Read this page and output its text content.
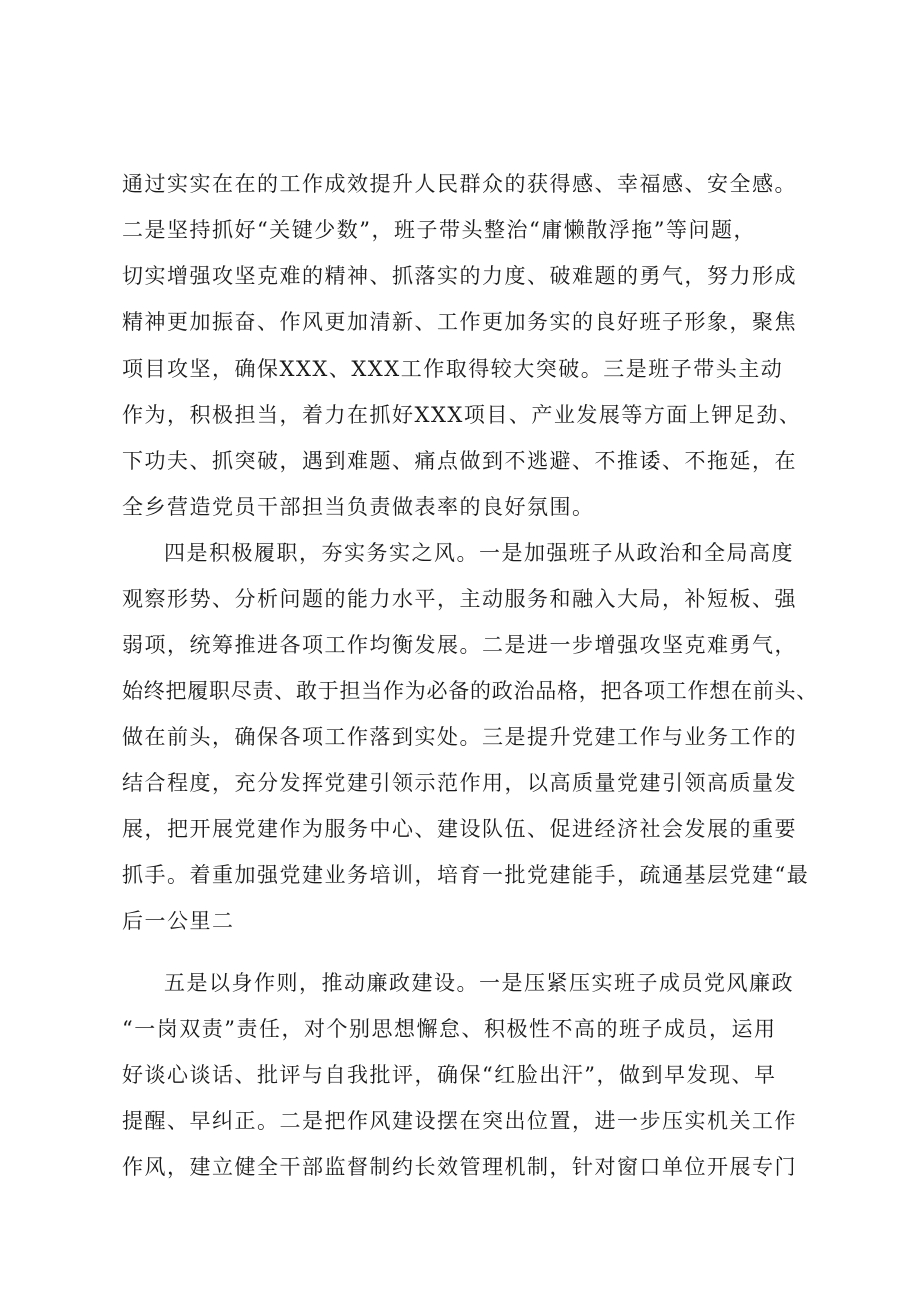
通过实实在在的工作成效提升人民群众的获得感、幸福感、安全感。
二是坚持抓好“关键少数”，班子带头整治“庸懒散浮拖”等问题，
切实增强攻坚克难的精神、抓落实的力度、破难题的勇气，努力形成
精神更加振奋、作风更加清新、工作更加务实的良好班子形象，聚焦
项目攻坚，确保XXX、XXX工作取得较大突破。三是班子带头主动
作为，积极担当，着力在抓好XXX项目、产业发展等方面上钾足劲、
下功夫、抓突破，遇到难题、痛点做到不逃避、不推诿、不拖延，在
全乡营造党员干部担当负责做表率的良好氛围。
四是积极履职，夯实务实之风。一是加强班子从政治和全局高度
观察形势、分析问题的能力水平，主动服务和融入大局，补短板、强
弱项，统筹推进各项工作均衡发展。二是进一步增强攻坚克难勇气，
始终把履职尽责、敢于担当作为必备的政治品格，把各项工作想在前头、
做在前头，确保各项工作落到实处。三是提升党建工作与业务工作的
结合程度，充分发挥党建引领示范作用，以高质量党建引领高质量发
展，把开展党建作为服务中心、建设队伍、促进经济社会发展的重要
抓手。着重加强党建业务培训，培育一批党建能手，疏通基层党建“最
后一公里二
五是以身作则，推动廉政建设。一是压紧压实班子成员党风廉政
“一岗双责”责任，对个别思想懈怠、积极性不高的班子成员，运用
好谈心谈话、批评与自我批评，确保“红脸出汗”，做到早发现、早
提醒、早纠正。二是把作风建设摆在突出位置，进一步压实机关工作
作风，建立健全干部监督制约长效管理机制，针对窗口单位开展专门
